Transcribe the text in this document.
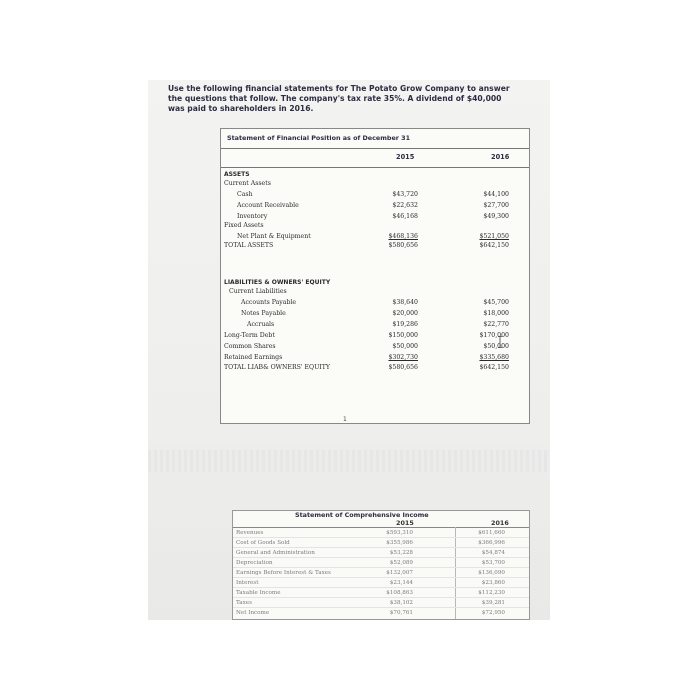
Use the following financial statements for The Potato Grow Company to answer
the questions that follow. The company's tax rate 35%. A dividend of $40,000
was paid to shareholders in 2016.
Statement of Financial Position as of December 31
2015	2016
ASSETS
Current Assets
Cash	$43,720	$44,100
Account Receivable	$22,632	$27,700
Inventory	$46,168	$49,300
Fixed Assets
Net Plant & Equipment	$468,136	$521,050
TOTAL ASSETS	$580,656	$642,150
LIABILITIES & OWNERS' EQUITY
Current Liabilities
Accounts Payable	$38,640	$45,700
Notes Payable	$20,000	$18,000
Accruals	$19,286	$22,770
Long-Term Debt	$150,000	$170,000
Common Shares	$50,000	$50,000
Retained Earnings	$302,730	$335,680
TOTAL LIAB& OWNERS' EQUITY	$580,656	$642,150
1
Statement of Comprehensive Income
2015	2016
Revenues	$593,310	$611,660
Cost of Goods Sold	$355,986	$366,996
General and Administration	$53,228	$54,874
Depreciation	$52,089	$53,700
Earnings Before Interest & Taxes	$132,007	$136,090
Interest	$23,144	$23,860
Taxable Income	$108,863	$112,230
Taxes	$38,102	$39,281
Net Income	$70,761	$72,950
